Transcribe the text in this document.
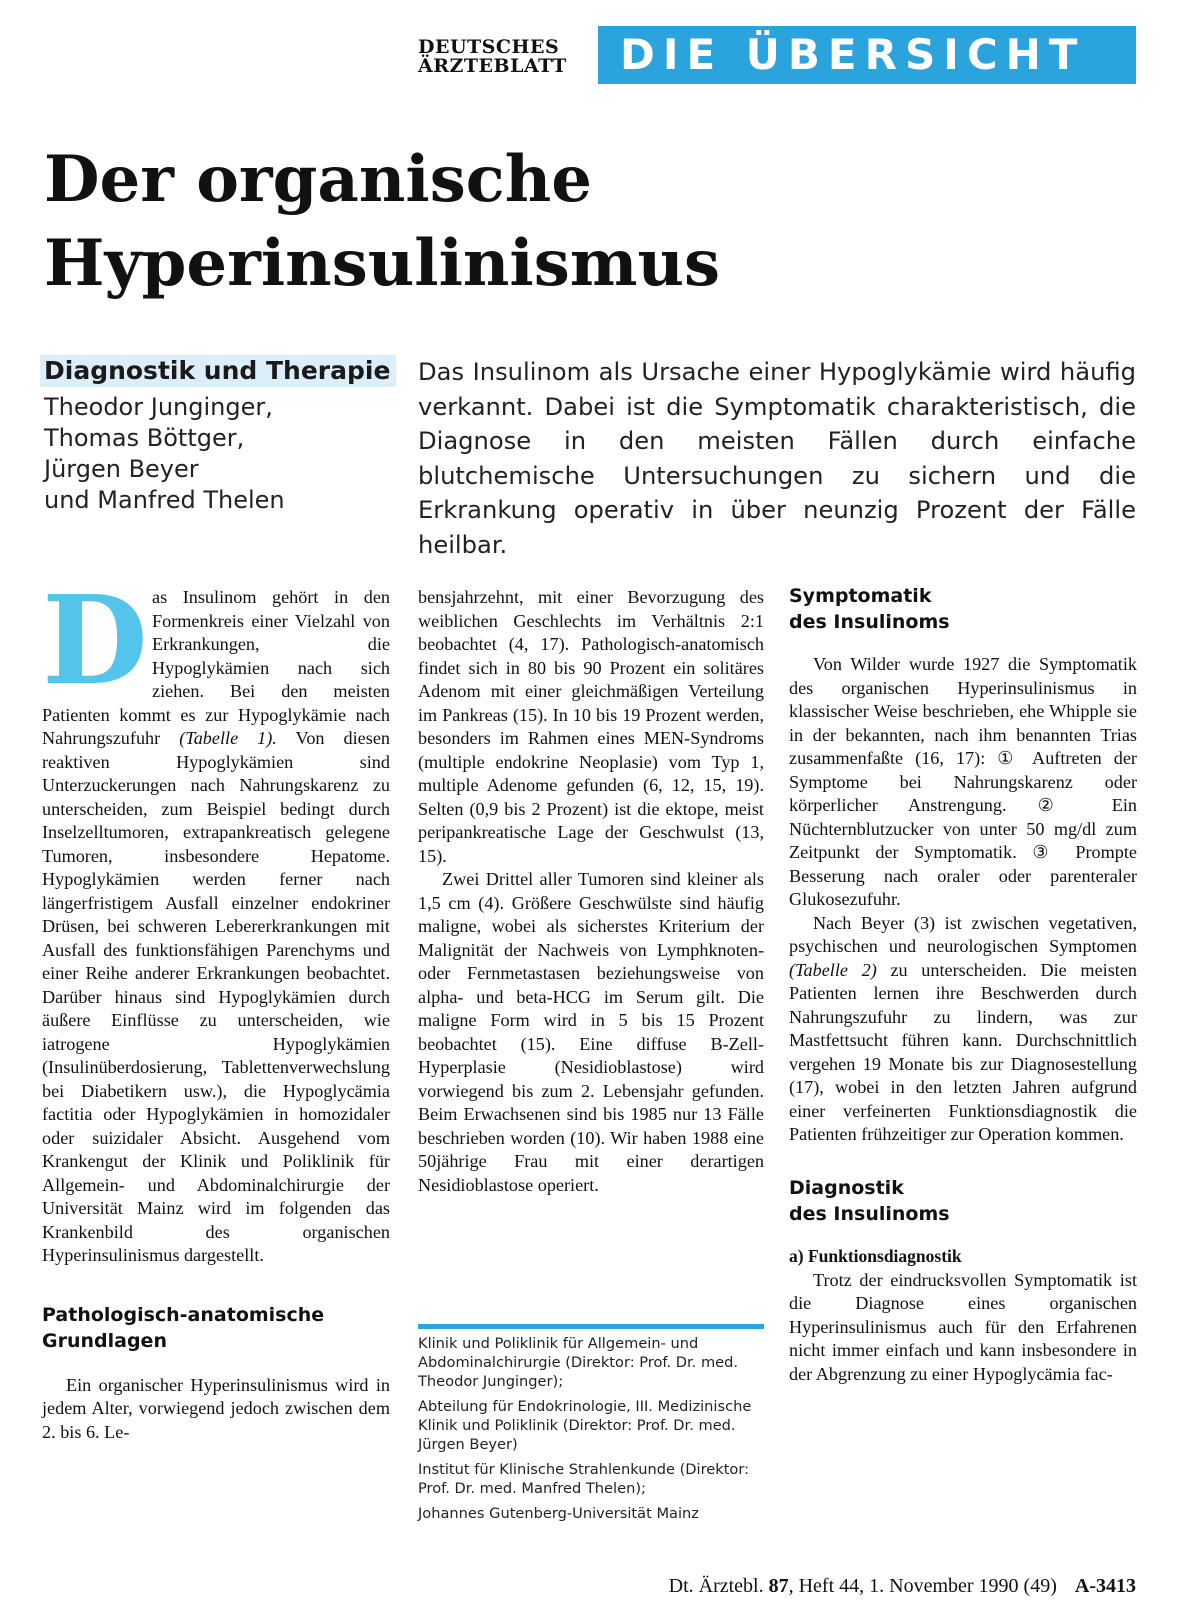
DEUTSCHES
ÄRZTEBLATT	DIE ÜBERSICHT
Der organische
Hyperinsulinismus
Diagnostik und Therapie
Theodor Junginger,
Thomas Böttger,
Jürgen Beyer
und Manfred Thelen
Das Insulinom als Ursache einer Hypoglykämie wird häufig verkannt. Dabei ist die Symptomatik charakteristisch, die Diagnose in den meisten Fällen durch einfache blutchemische Untersuchungen zu sichern und die Erkrankung operativ in über neunzig Prozent der Fälle heilbar.

Das Insulinom gehört in den Formenkreis einer Vielzahl von Erkrankungen, die Hypoglykämien nach sich ziehen. Bei den meisten Patienten kommt es zur Hypoglykämie nach Nahrungszufuhr (Tabelle 1). Von diesen reaktiven Hypoglykämien sind Unterzuckerungen nach Nahrungskarenz zu unterscheiden, zum Beispiel bedingt durch Inselzelltumoren, extrapankreatisch gelegene Tumoren, insbesondere Hepatome. Hypoglykämien werden ferner nach längerfristigem Ausfall einzelner endokriner Drüsen, bei schweren Lebererkrankungen mit Ausfall des funktionsfähigen Parenchyms und einer Reihe anderer Erkrankungen beobachtet. Darüber hinaus sind Hypoglykämien durch äußere Einflüsse zu unterscheiden, wie iatrogene Hypoglykämien (Insulinüberdosierung, Tablettenverwechslung bei Diabetikern usw.), die Hypoglycämia factitia oder Hypoglykämien in homozidaler oder suizidaler Absicht. Ausgehend vom Krankengut der Klinik und Poliklinik für Allgemein- und Abdominalchirurgie der Universität Mainz wird im folgenden das Krankenbild des organischen Hyperinsulinismus dargestellt.

Pathologisch-anatomische
Grundlagen

Ein organischer Hyperinsulinismus wird in jedem Alter, vorwiegend jedoch zwischen dem 2. bis 6. Le-

bensjahrzehnt, mit einer Bevorzugung des weiblichen Geschlechts im Verhältnis 2:1 beobachtet (4, 17). Pathologisch-anatomisch findet sich in 80 bis 90 Prozent ein solitäres Adenom mit einer gleichmäßigen Verteilung im Pankreas (15). In 10 bis 19 Prozent werden, besonders im Rahmen eines MEN-Syndroms (multiple endokrine Neoplasie) vom Typ 1, multiple Adenome gefunden (6, 12, 15, 19). Selten (0,9 bis 2 Prozent) ist die ektope, meist peripankreatische Lage der Geschwulst (13, 15).

Zwei Drittel aller Tumoren sind kleiner als 1,5 cm (4). Größere Geschwülste sind häufig maligne, wobei als sicherstes Kriterium der Malignität der Nachweis von Lymphknoten- oder Fernmetastasen beziehungsweise von alpha- und beta-HCG im Serum gilt. Die maligne Form wird in 5 bis 15 Prozent beobachtet (15). Eine diffuse B-Zell-Hyperplasie (Nesidioblastose) wird vorwiegend bis zum 2. Lebensjahr gefunden. Beim Erwachsenen sind bis 1985 nur 13 Fälle beschrieben worden (10). Wir haben 1988 eine 50jährige Frau mit einer derartigen Nesidioblastose operiert.

Klinik und Poliklinik für Allgemein- und Abdominalchirurgie (Direktor: Prof. Dr. med. Theodor Junginger);

Abteilung für Endokrinologie, III. Medizinische Klinik und Poliklinik (Direktor: Prof. Dr. med. Jürgen Beyer)

Institut für Klinische Strahlenkunde (Direktor: Prof. Dr. med. Manfred Thelen);

Johannes Gutenberg-Universität Mainz

Symptomatik
des Insulinoms

Von Wilder wurde 1927 die Symptomatik des organischen Hyperinsulinismus in klassischer Weise beschrieben, ehe Whipple sie in der bekannten, nach ihm benannten Trias zusammenfaßte (16, 17): ① Auftreten der Symptome bei Nahrungskarenz oder körperlicher Anstrengung. ② Ein Nüchternblutzucker von unter 50 mg/dl zum Zeitpunkt der Symptomatik. ③ Prompte Besserung nach oraler oder parenteraler Glukosezufuhr.

Nach Beyer (3) ist zwischen vegetativen, psychischen und neurologischen Symptomen (Tabelle 2) zu unterscheiden. Die meisten Patienten lernen ihre Beschwerden durch Nahrungszufuhr zu lindern, was zur Mastfettsucht führen kann. Durchschnittlich vergehen 19 Monate bis zur Diagnosestellung (17), wobei in den letzten Jahren aufgrund einer verfeinerten Funktionsdiagnostik die Patienten frühzeitiger zur Operation kommen.

Diagnostik
des Insulinoms
a) Funktionsdiagnostik

Trotz der eindrucksvollen Symptomatik ist die Diagnose eines organischen Hyperinsulinismus auch für den Erfahrenen nicht immer einfach und kann insbesondere in der Abgrenzung zu einer Hypoglycämia fac-

Dt. Ärztebl. 87, Heft 44, 1. November 1990 (49) A-3413
